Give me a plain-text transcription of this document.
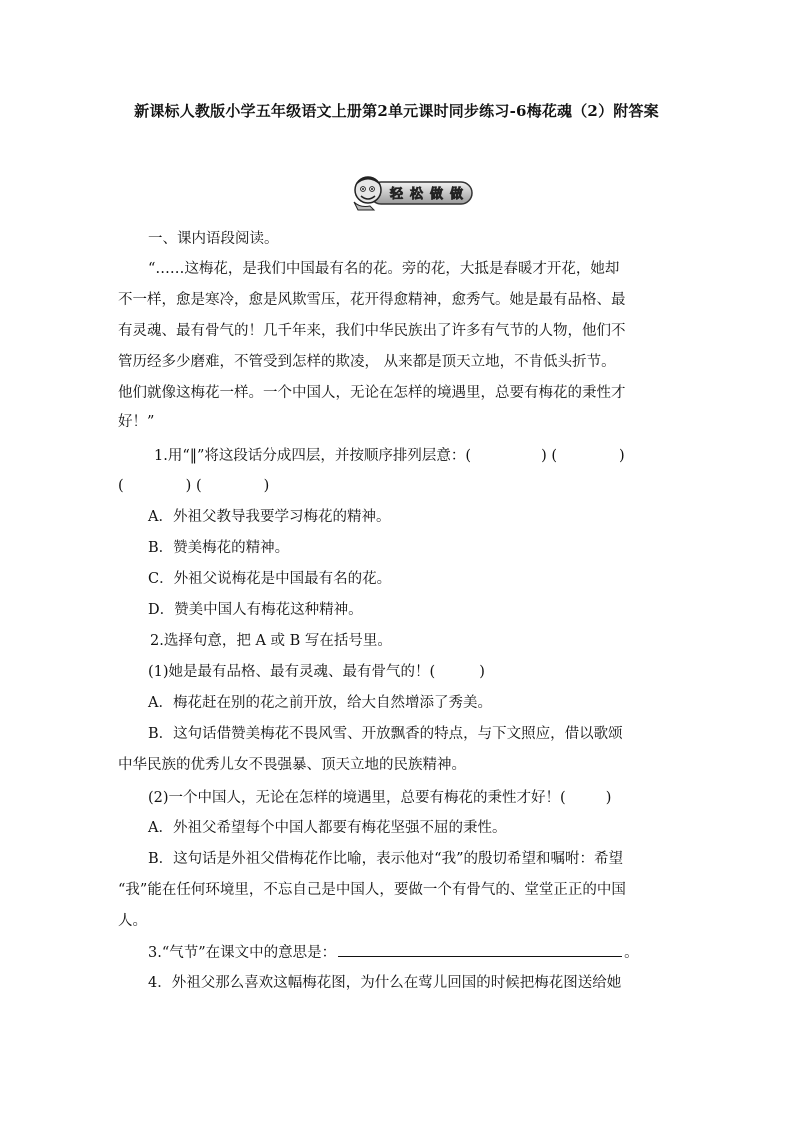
新课标人教版小学五年级语文上册第2单元课时同步练习-6梅花魂（2）附答案
轻 松 做 做
一、课内语段阅读。
“……这梅花，是我们中国最有名的花。旁的花，大抵是春暖才开花，她却
不一样，愈是寒冷，愈是风欺雪压，花开得愈精神，愈秀气。她是最有品格、最
有灵魂、最有骨气的！几千年来，我们中华民族出了许多有气节的人物，他们不
管历经多少磨难，不管受到怎样的欺凌， 从来都是顶天立地，不肯低头折节。
他们就像这梅花一样。一个中国人，无论在怎样的境遇里，总要有梅花的秉性才
好！”
1.用“‖”将这段话分成四层，并按顺序排列层意：(	) (	)
(	) (	)
A．外祖父教导我要学习梅花的精神。
B．赞美梅花的精神。
C．外祖父说梅花是中国最有名的花。
D．赞美中国人有梅花这种精神。
2.选择句意，把 A 或 B 写在括号里。
(1)她是最有品格、最有灵魂、最有骨气的！(	)
A．梅花赶在别的花之前开放，给大自然增添了秀美。
B．这句话借赞美梅花不畏风雪、开放飘香的特点，与下文照应，借以歌颂
中华民族的优秀儿女不畏强暴、顶天立地的民族精神。
(2)一个中国人，无论在怎样的境遇里，总要有梅花的秉性才好！(	)
A．外祖父希望每个中国人都要有梅花坚强不屈的秉性。
B．这句话是外祖父借梅花作比喻，表示他对“我”的殷切希望和嘱咐：希望
“我”能在任何环境里，不忘自己是中国人，要做一个有骨气的、堂堂正正的中国
人。
3.“气节”在课文中的意思是：	。
4．外祖父那么喜欢这幅梅花图，为什么在莺儿回国的时候把梅花图送给她
